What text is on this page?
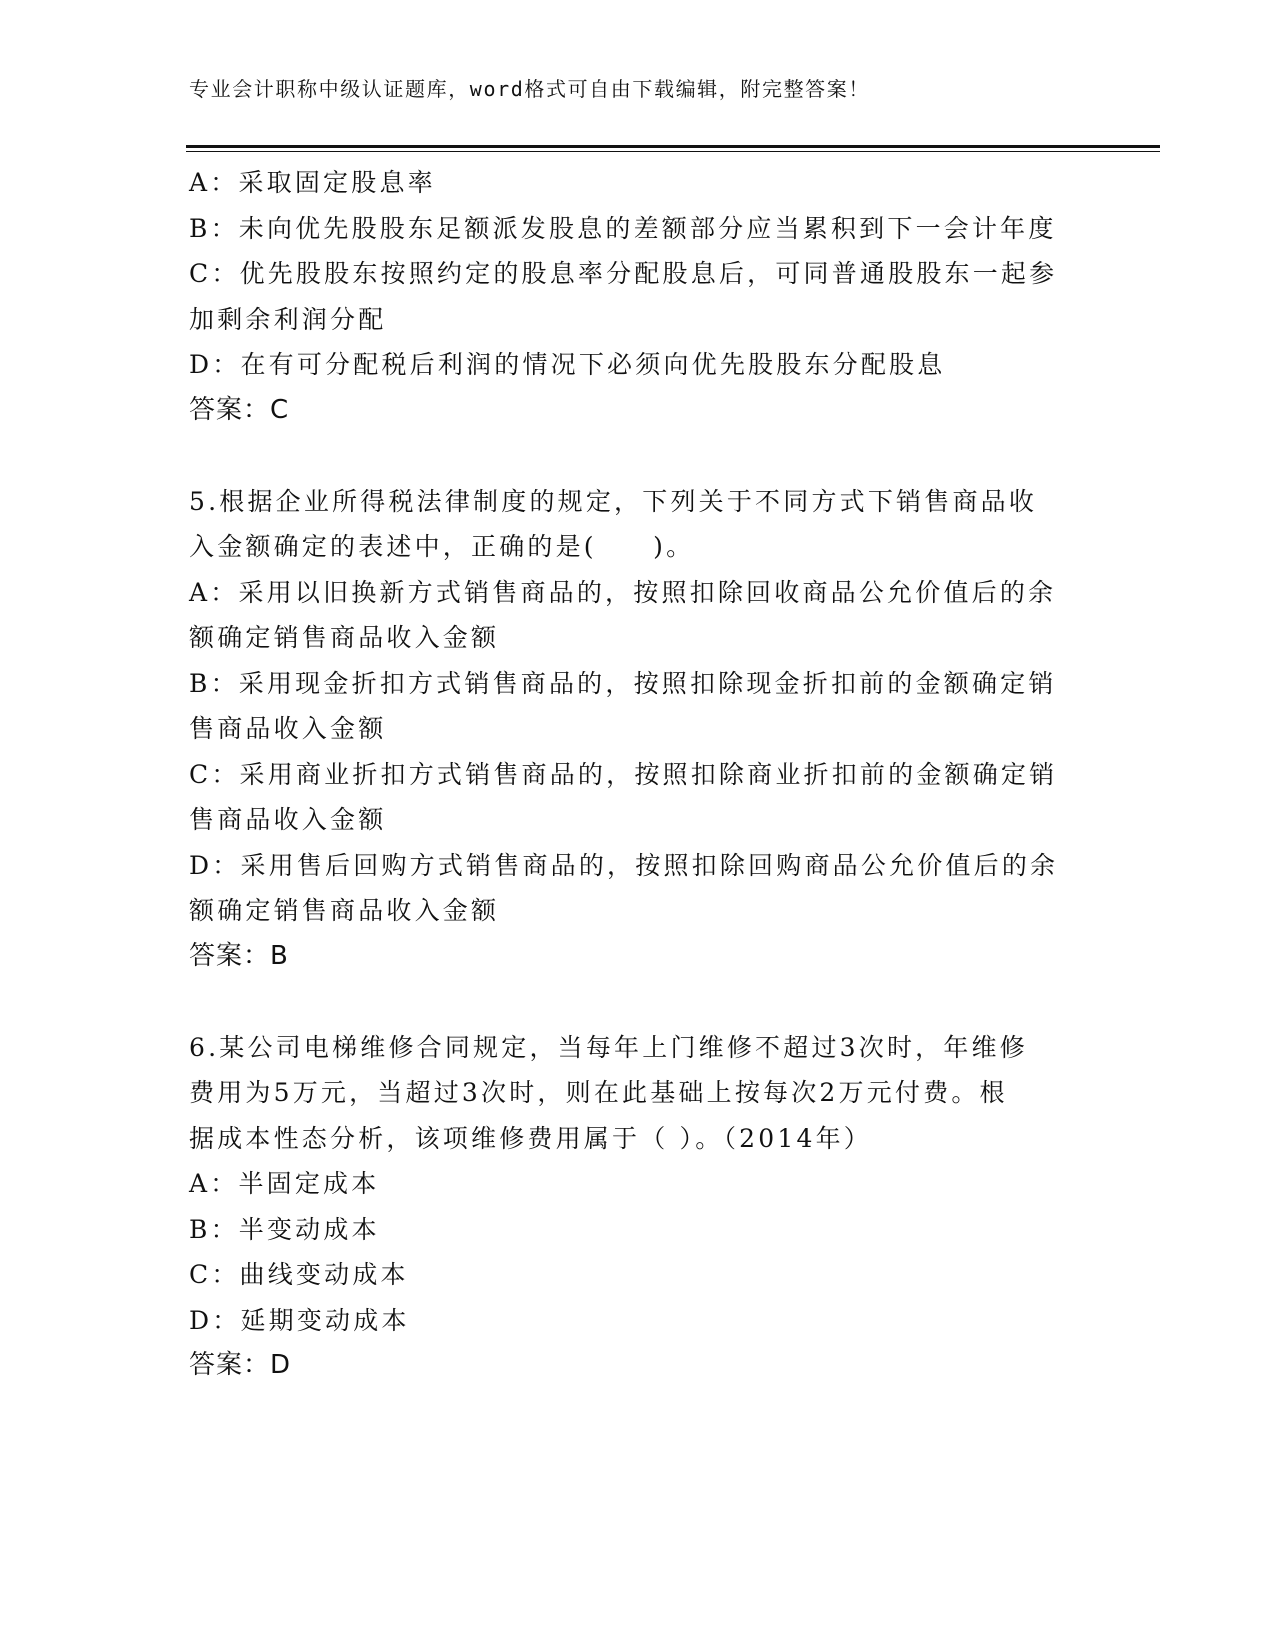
专业会计职称中级认证题库，word格式可自由下载编辑，附完整答案！
A：采取固定股息率
B：未向优先股股东足额派发股息的差额部分应当累积到下一会计年度
C：优先股股东按照约定的股息率分配股息后，可同普通股股东一起参
加剩余利润分配
D：在有可分配税后利润的情况下必须向优先股股东分配股息
答案：C
5.根据企业所得税法律制度的规定，下列关于不同方式下销售商品收
入金额确定的表述中，正确的是(　　)。
A：采用以旧换新方式销售商品的，按照扣除回收商品公允价值后的余
额确定销售商品收入金额
B：采用现金折扣方式销售商品的，按照扣除现金折扣前的金额确定销
售商品收入金额
C：采用商业折扣方式销售商品的，按照扣除商业折扣前的金额确定销
售商品收入金额
D：采用售后回购方式销售商品的，按照扣除回购商品公允价值后的余
额确定销售商品收入金额
答案：B
6.某公司电梯维修合同规定，当每年上门维修不超过3次时，年维修
费用为5万元，当超过3次时，则在此基础上按每次2万元付费。根
据成本性态分析，该项维修费用属于（ ）。（2014年）
A：半固定成本
B：半变动成本
C：曲线变动成本
D：延期变动成本
答案：D
